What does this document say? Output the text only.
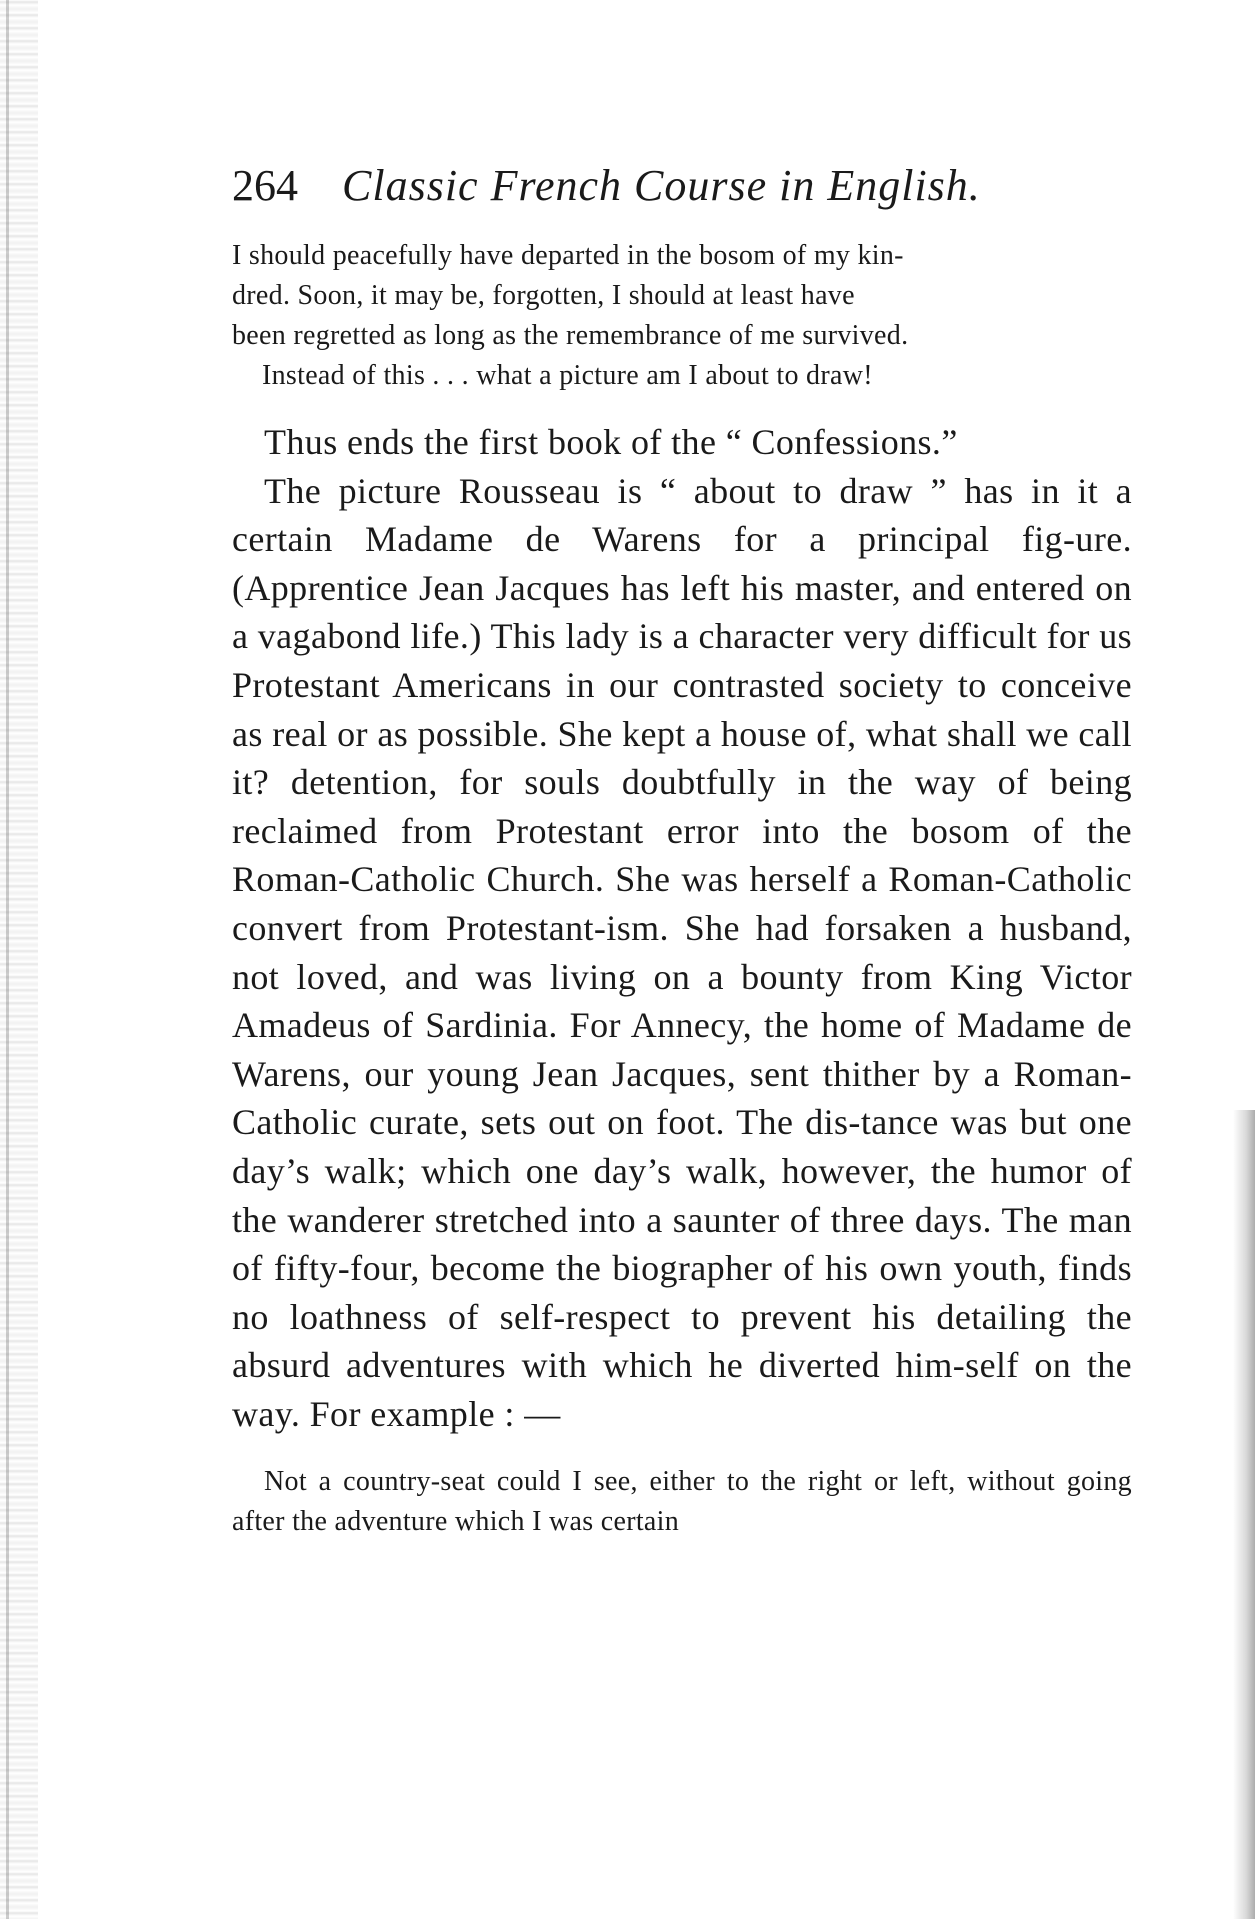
264 Classic French Course in English.
I should peacefully have departed in the bosom of my kin-
dred. Soon, it may be, forgotten, I should at least have
been regretted as long as the remembrance of me survived.
Instead of this . . . what a picture am I about to draw!

Thus ends the first book of the “ Confessions.”

The picture Rousseau is “ about to draw ” has in it a certain Madame de Warens for a principal fig-ure. (Apprentice Jean Jacques has left his master, and entered on a vagabond life.) This lady is a character very difficult for us Protestant Americans in our contrasted society to conceive as real or as possible. She kept a house of, what shall we call it? detention, for souls doubtfully in the way of being reclaimed from Protestant error into the bosom of the Roman-Catholic Church. She was herself a Roman-Catholic convert from Protestant-ism. She had forsaken a husband, not loved, and was living on a bounty from King Victor Amadeus of Sardinia. For Annecy, the home of Madame de Warens, our young Jean Jacques, sent thither by a Roman-Catholic curate, sets out on foot. The dis-tance was but one day’s walk; which one day’s walk, however, the humor of the wanderer stretched into a saunter of three days. The man of fifty-four, become the biographer of his own youth, finds no loathness of self-respect to prevent his detailing the absurd adventures with which he diverted him-self on the way. For example : —

Not a country-seat could I see, either to the right or left, without going after the adventure which I was certain
